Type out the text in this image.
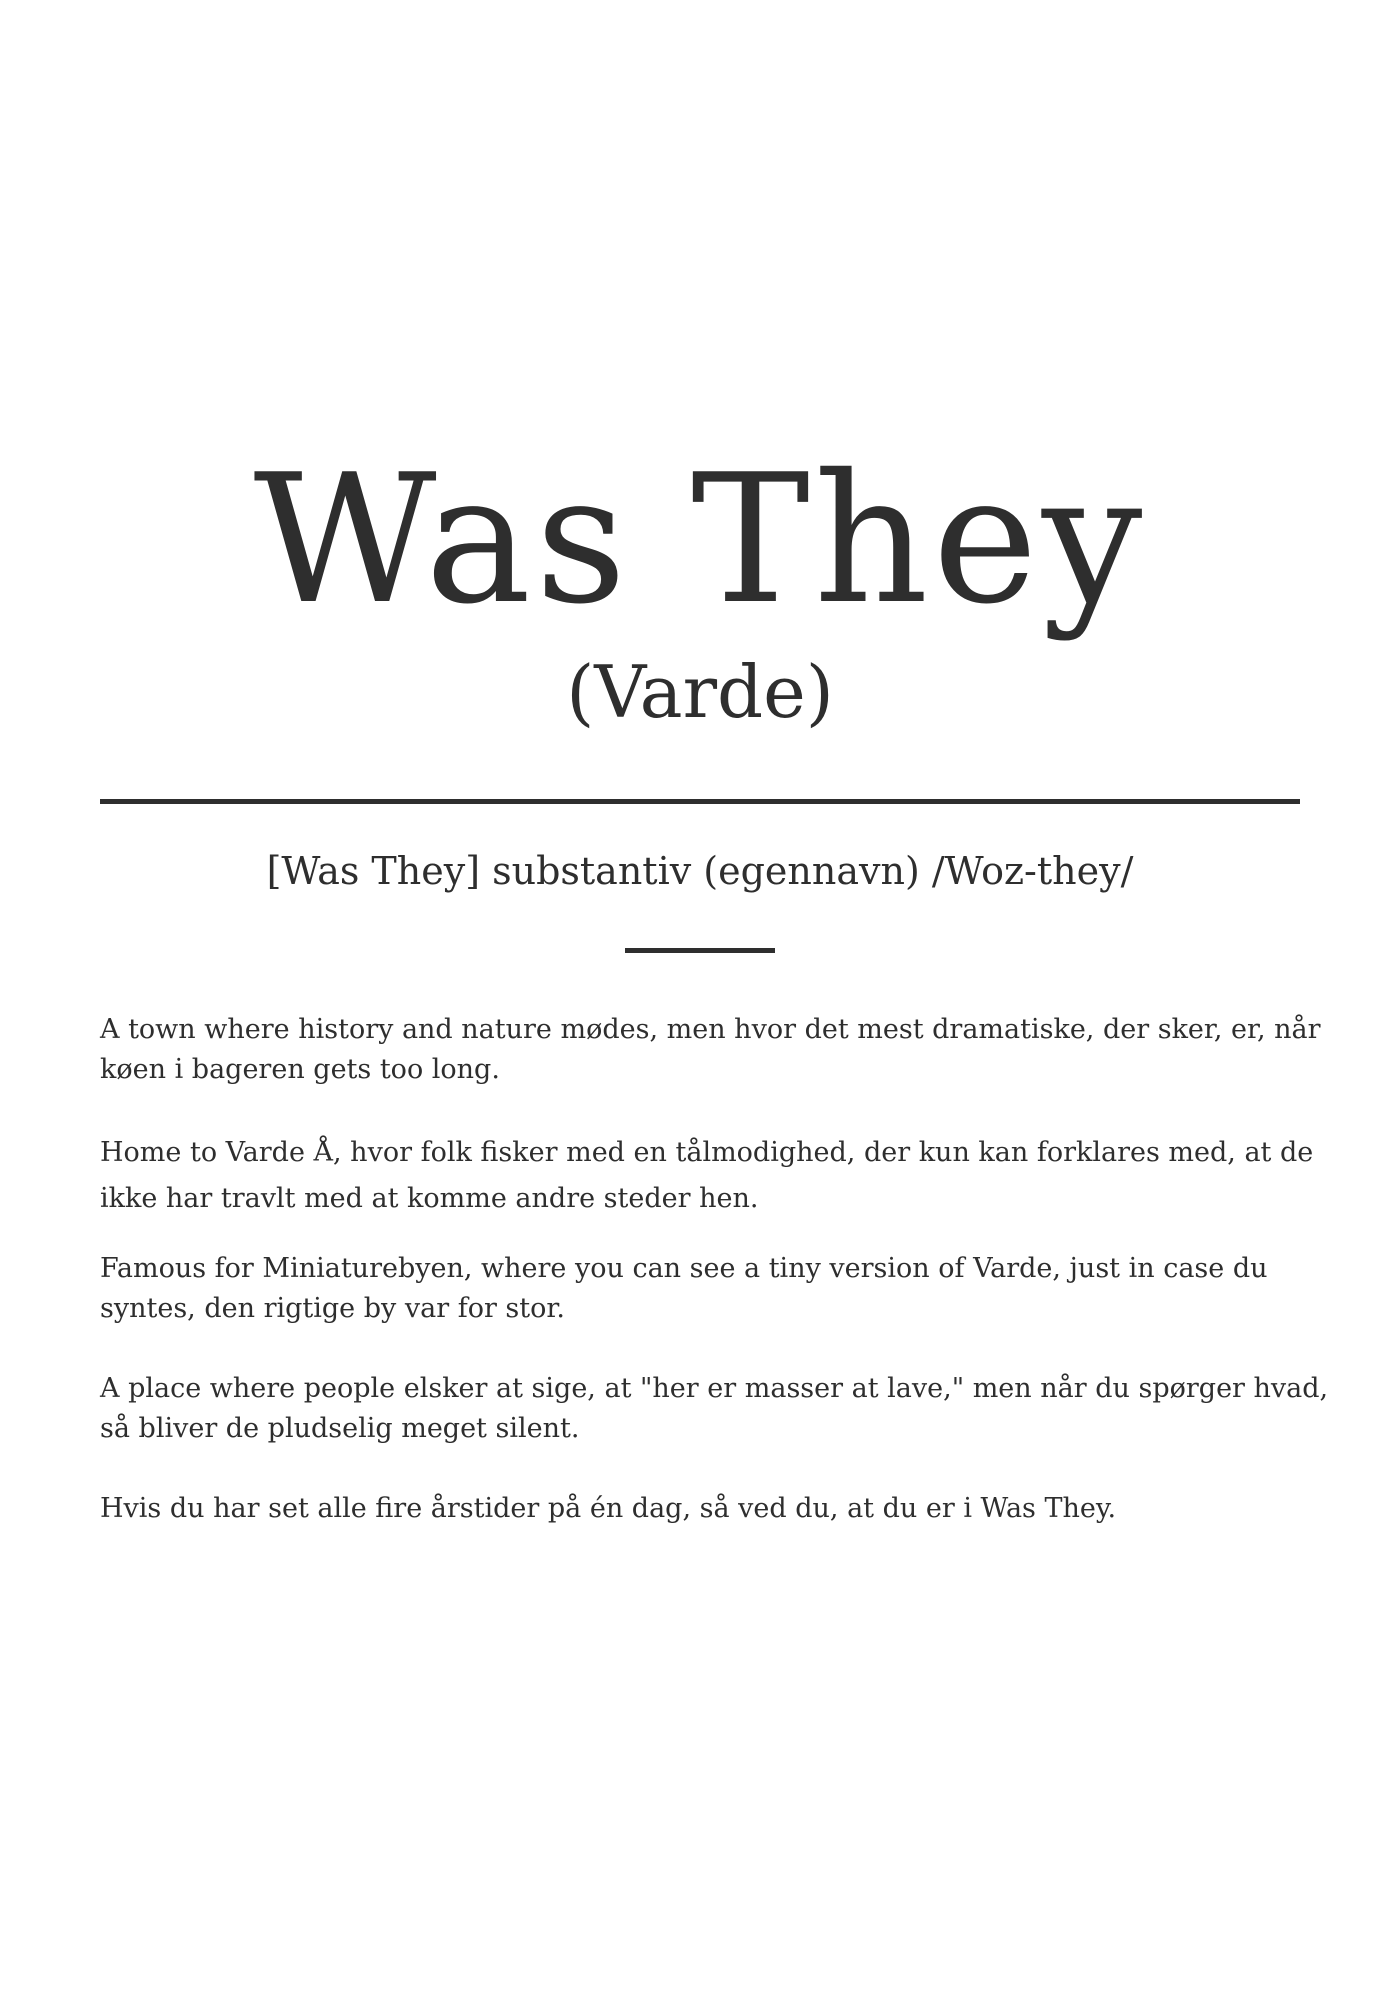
Was They
(Varde)
[Was They] substantiv (egennavn) /Woz-they/

A town where history and nature mødes, men hvor det mest dramatiske, der sker, er, når køen i bageren gets too long.

Home to Varde Å, hvor folk fisker med en tålmodighed, der kun kan forklares med, at de ikke har travlt med at komme andre steder hen.

Famous for Miniaturebyen, where you can see a tiny version of Varde, just in case du syntes, den rigtige by var for stor.

A place where people elsker at sige, at "her er masser at lave," men når du spørger hvad, så bliver de pludselig meget silent.

Hvis du har set alle fire årstider på én dag, så ved du, at du er i Was They.
